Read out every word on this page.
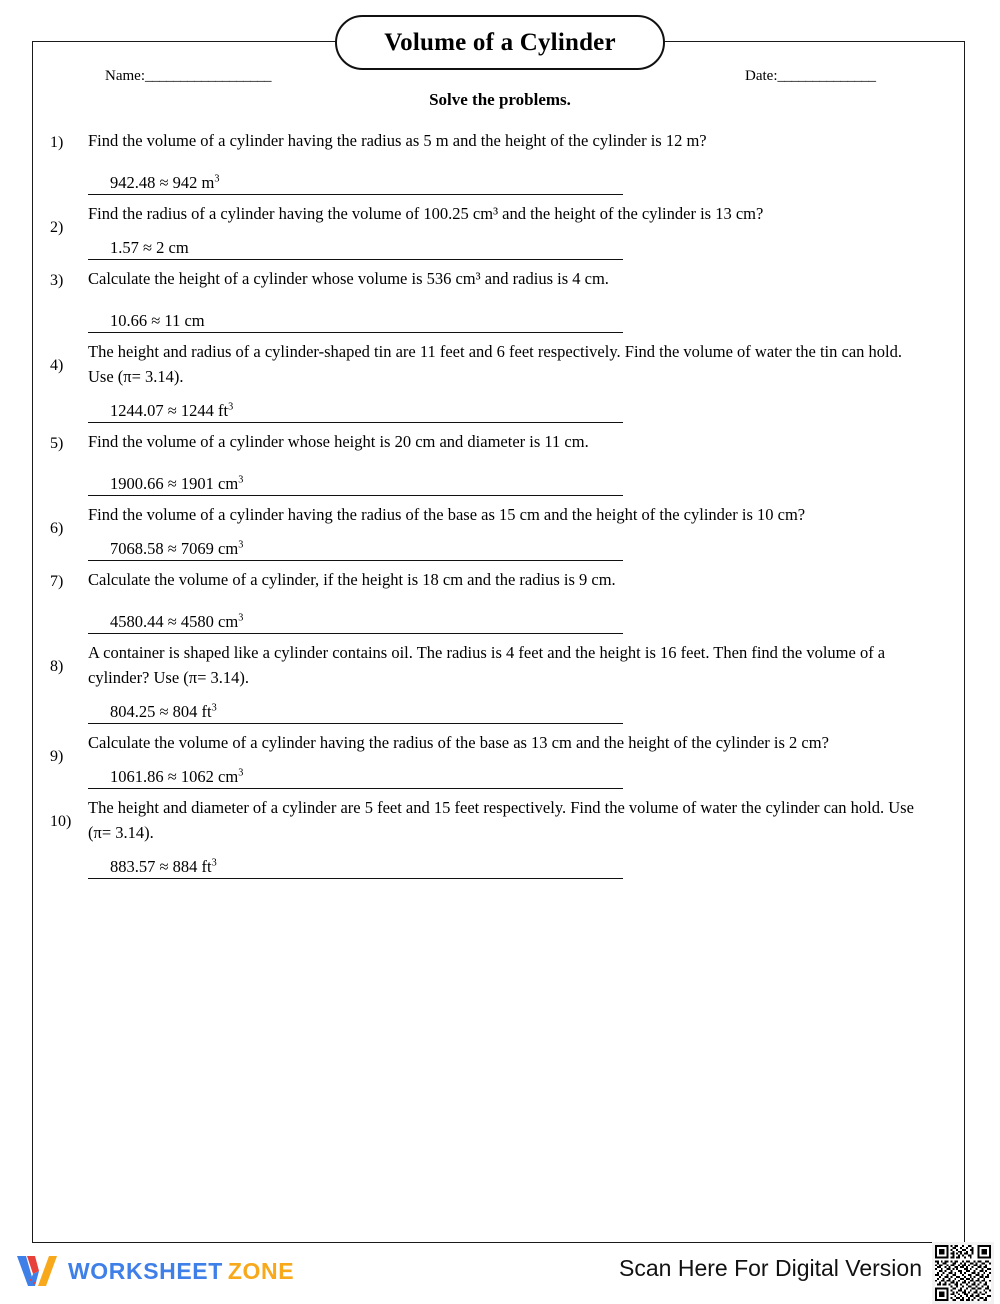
Volume of a Cylinder
Name:__________________	Date:______________
Solve the problems.
1)	Find the volume of a cylinder having the radius as 5 m and the height of the cylinder is 12 m?

942.48 ≈ 942 $m^3$
2)

Find the radius of a cylinder having the volume of 100.25 cm³ and the height of the cylinder is 13 cm?

1.57 ≈ 2 cm
3)	Calculate the height of a cylinder whose volume is 536 cm³ and radius is 4 cm.

10.66 ≈ 11 cm
4)

The height and radius of a cylinder-shaped tin are 11 feet and 6 feet respectively. Find the volume of water the tin can hold. Use (π= 3.14).

1244.07 ≈ 1244 $ft^3$
5)	Find the volume of a cylinder whose height is 20 cm and diameter is 11 cm.

1900.66 ≈ 1901 $cm^3$
6)

Find the volume of a cylinder having the radius of the base as 15 cm and the height of the cylinder is 10 cm?

7068.58 ≈ 7069 $cm^3$
7)	Calculate the volume of a cylinder, if the height is 18 cm and the radius is 9 cm.

4580.44 ≈ 4580 $cm^3$
8)

A container is shaped like a cylinder contains oil. The radius is 4 feet and the height is 16 feet. Then find the volume of a cylinder? Use (π= 3.14).

804.25 ≈ 804 $ft^3$
9)

Calculate the volume of a cylinder having the radius of the base as 13 cm and the height of the cylinder is 2 cm?

1061.86 ≈ 1062 $cm^3$
10)

The height and diameter of a cylinder are 5 feet and 15 feet respectively. Find the volume of water the cylinder can hold. Use (π= 3.14).

883.57 ≈ 884 $ft^3$
WORKSHEET ZONE	Scan Here For Digital Version
